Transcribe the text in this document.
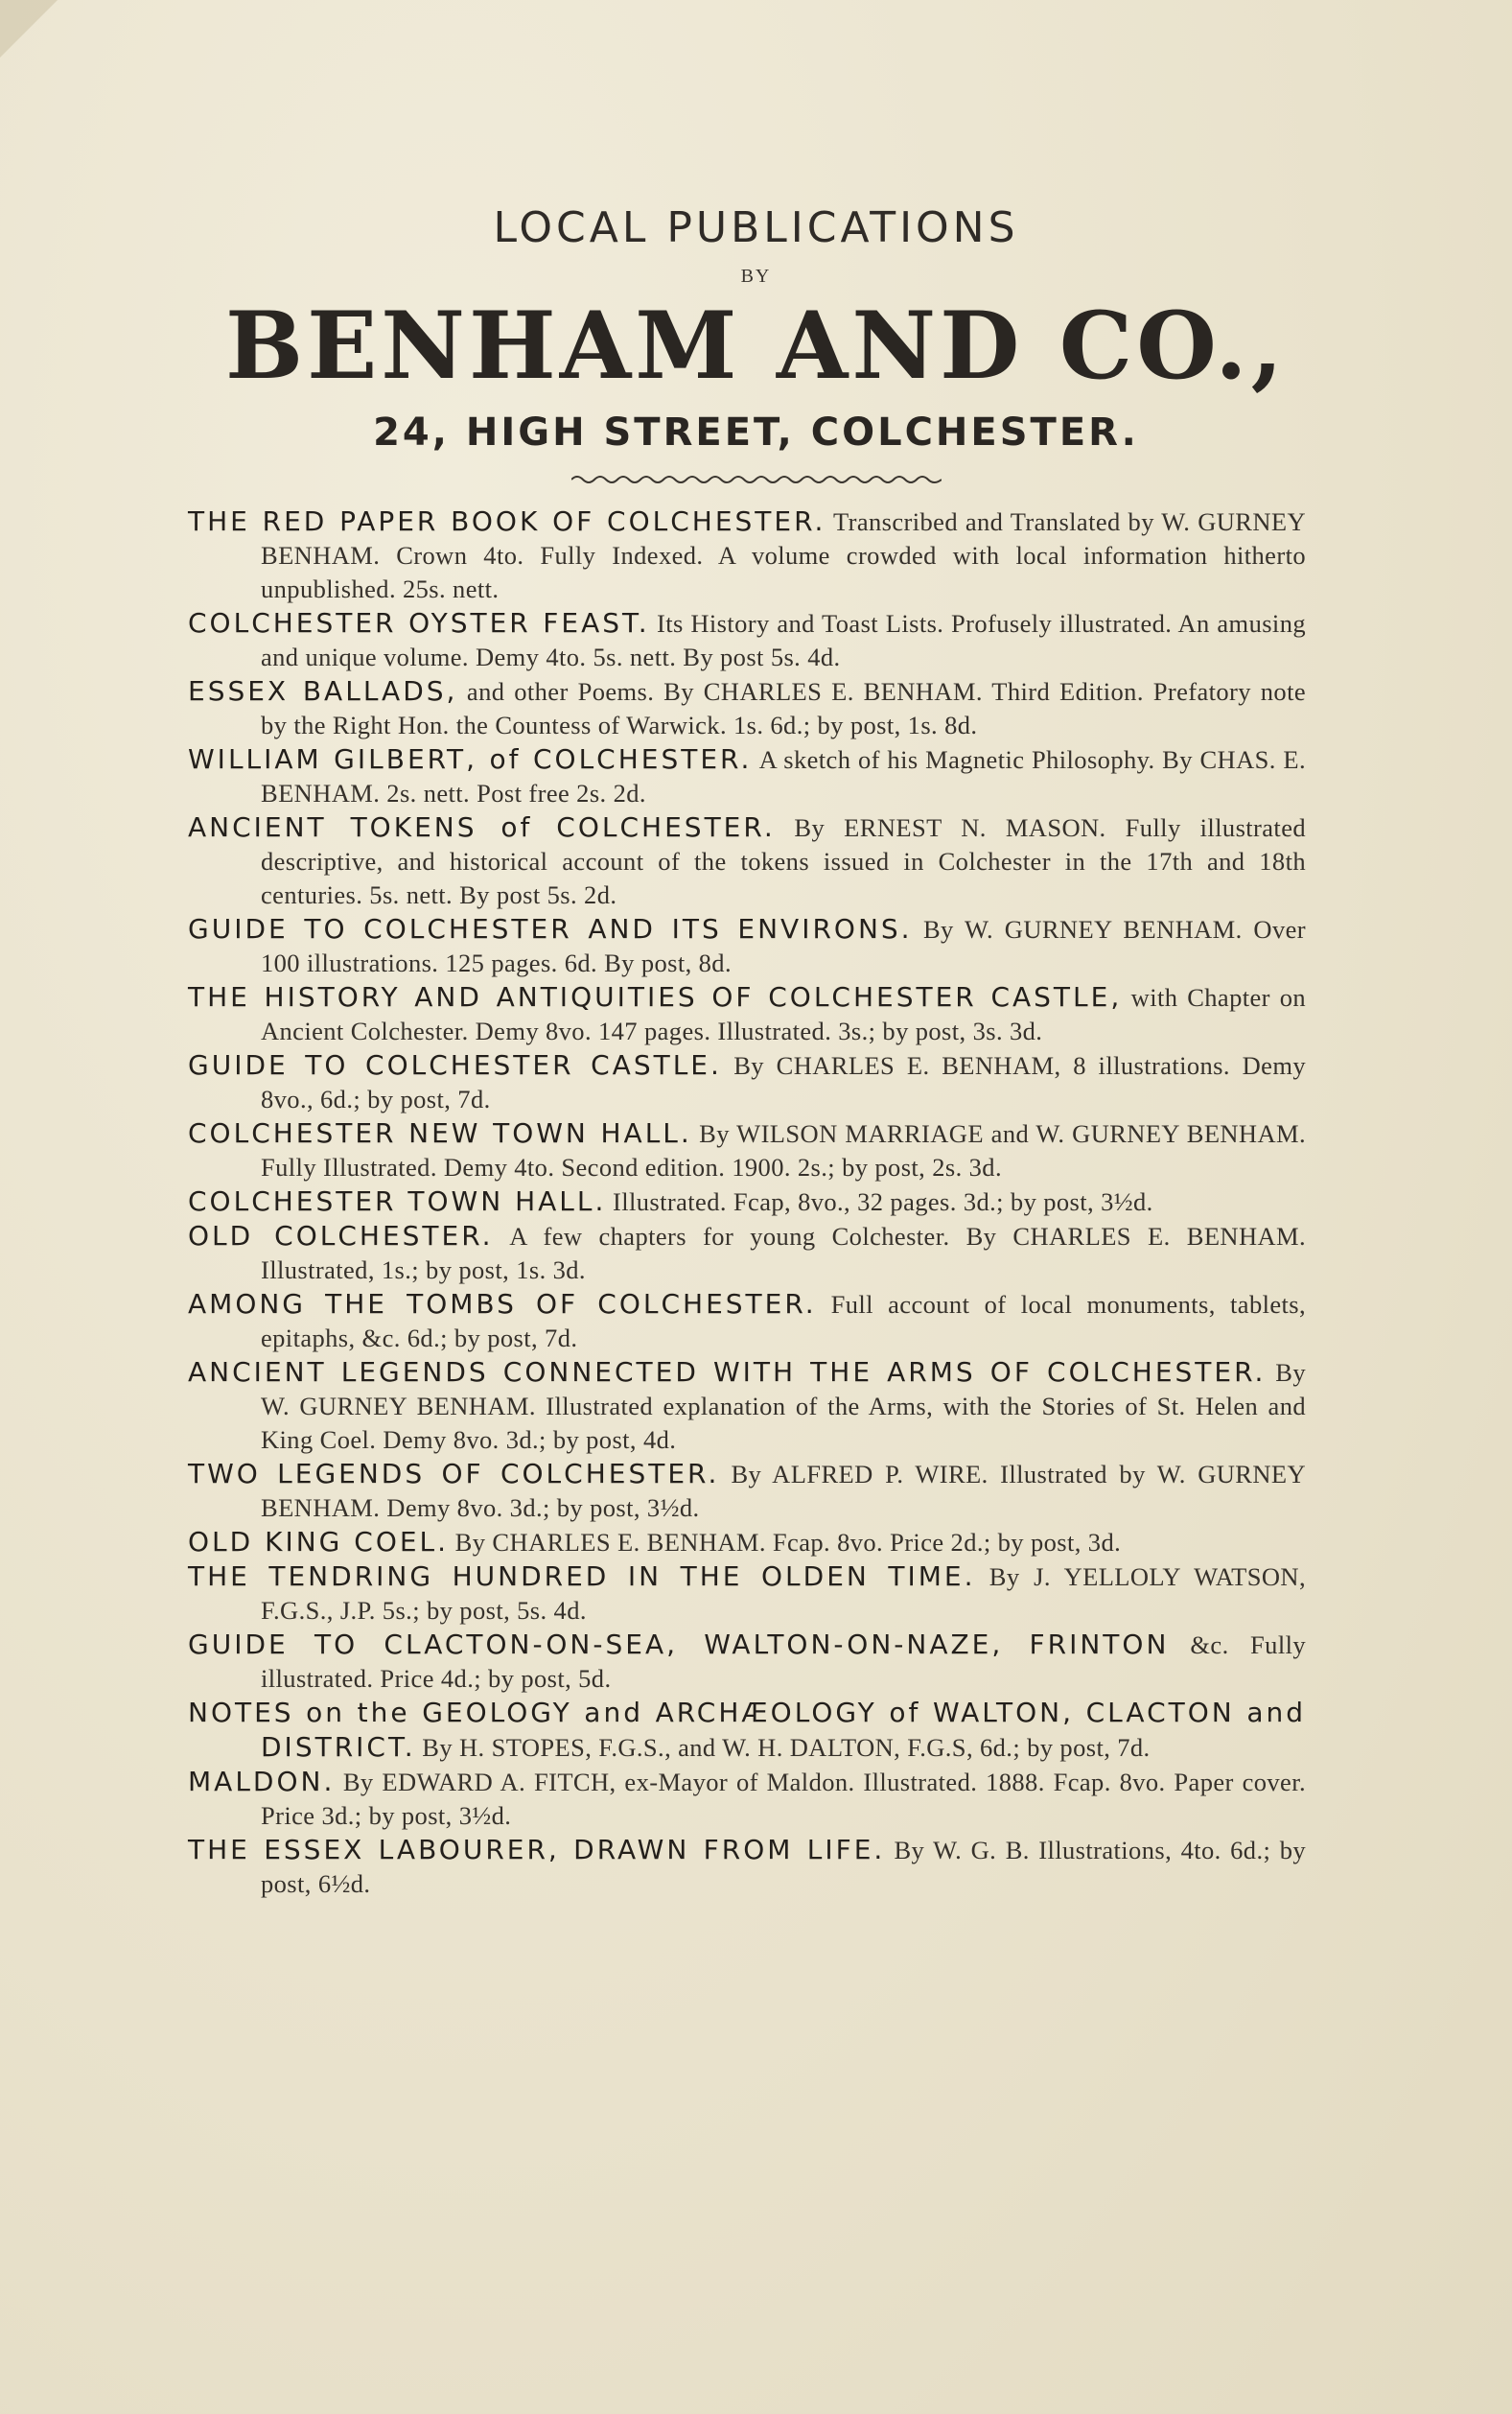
LOCAL PUBLICATIONS
BY
BENHAM AND CO.,
24, HIGH STREET, COLCHESTER.

THE RED PAPER BOOK OF COLCHESTER. Transcribed and Translated by W. GURNEY BENHAM. Crown 4to. Fully Indexed. A volume crowded with local information hitherto unpublished. 25s. nett.

COLCHESTER OYSTER FEAST. Its History and Toast Lists. Profusely illustrated. An amusing and unique volume. Demy 4to. 5s. nett. By post 5s. 4d.

ESSEX BALLADS, and other Poems. By CHARLES E. BENHAM. Third Edition. Prefatory note by the Right Hon. the Countess of Warwick. 1s. 6d.; by post, 1s. 8d.

WILLIAM GILBERT, of COLCHESTER. A sketch of his Magnetic Philosophy. By CHAS. E. BENHAM. 2s. nett. Post free 2s. 2d.

ANCIENT TOKENS of COLCHESTER. By ERNEST N. MASON. Fully illustrated descriptive, and historical account of the tokens issued in Colchester in the 17th and 18th centuries. 5s. nett. By post 5s. 2d.

GUIDE TO COLCHESTER AND ITS ENVIRONS. By W. GURNEY BENHAM. Over 100 illustrations. 125 pages. 6d. By post, 8d.

THE HISTORY AND ANTIQUITIES OF COLCHESTER CASTLE, with Chapter on Ancient Colchester. Demy 8vo. 147 pages. Illustrated. 3s.; by post, 3s. 3d.

GUIDE TO COLCHESTER CASTLE. By CHARLES E. BENHAM, 8 illustrations. Demy 8vo., 6d.; by post, 7d.

COLCHESTER NEW TOWN HALL. By WILSON MARRIAGE and W. GURNEY BENHAM. Fully Illustrated. Demy 4to. Second edition. 1900. 2s.; by post, 2s. 3d.

COLCHESTER TOWN HALL. Illustrated. Fcap, 8vo., 32 pages. 3d.; by post, 3½d.

OLD COLCHESTER. A few chapters for young Colchester. By CHARLES E. BENHAM. Illustrated, 1s.; by post, 1s. 3d.

AMONG THE TOMBS OF COLCHESTER. Full account of local monuments, tablets, epitaphs, &c. 6d.; by post, 7d.

ANCIENT LEGENDS CONNECTED WITH THE ARMS OF COLCHESTER. By W. GURNEY BENHAM. Illustrated explanation of the Arms, with the Stories of St. Helen and King Coel. Demy 8vo. 3d.; by post, 4d.

TWO LEGENDS OF COLCHESTER. By ALFRED P. WIRE. Illustrated by W. GURNEY BENHAM. Demy 8vo. 3d.; by post, 3½d.

OLD KING COEL. By CHARLES E. BENHAM. Fcap. 8vo. Price 2d.; by post, 3d.

THE TENDRING HUNDRED IN THE OLDEN TIME. By J. YELLOLY WATSON, F.G.S., J.P. 5s.; by post, 5s. 4d.

GUIDE TO CLACTON-ON-SEA, WALTON-ON-NAZE, FRINTON &c. Fully illustrated. Price 4d.; by post, 5d.

NOTES on the GEOLOGY and ARCHÆOLOGY of WALTON, CLACTON and DISTRICT. By H. STOPES, F.G.S., and W. H. DALTON, F.G.S, 6d.; by post, 7d.

MALDON. By EDWARD A. FITCH, ex-Mayor of Maldon. Illustrated. 1888. Fcap. 8vo. Paper cover. Price 3d.; by post, 3½d.

THE ESSEX LABOURER, DRAWN FROM LIFE. By W. G. B. Illustrations, 4to. 6d.; by post, 6½d.
